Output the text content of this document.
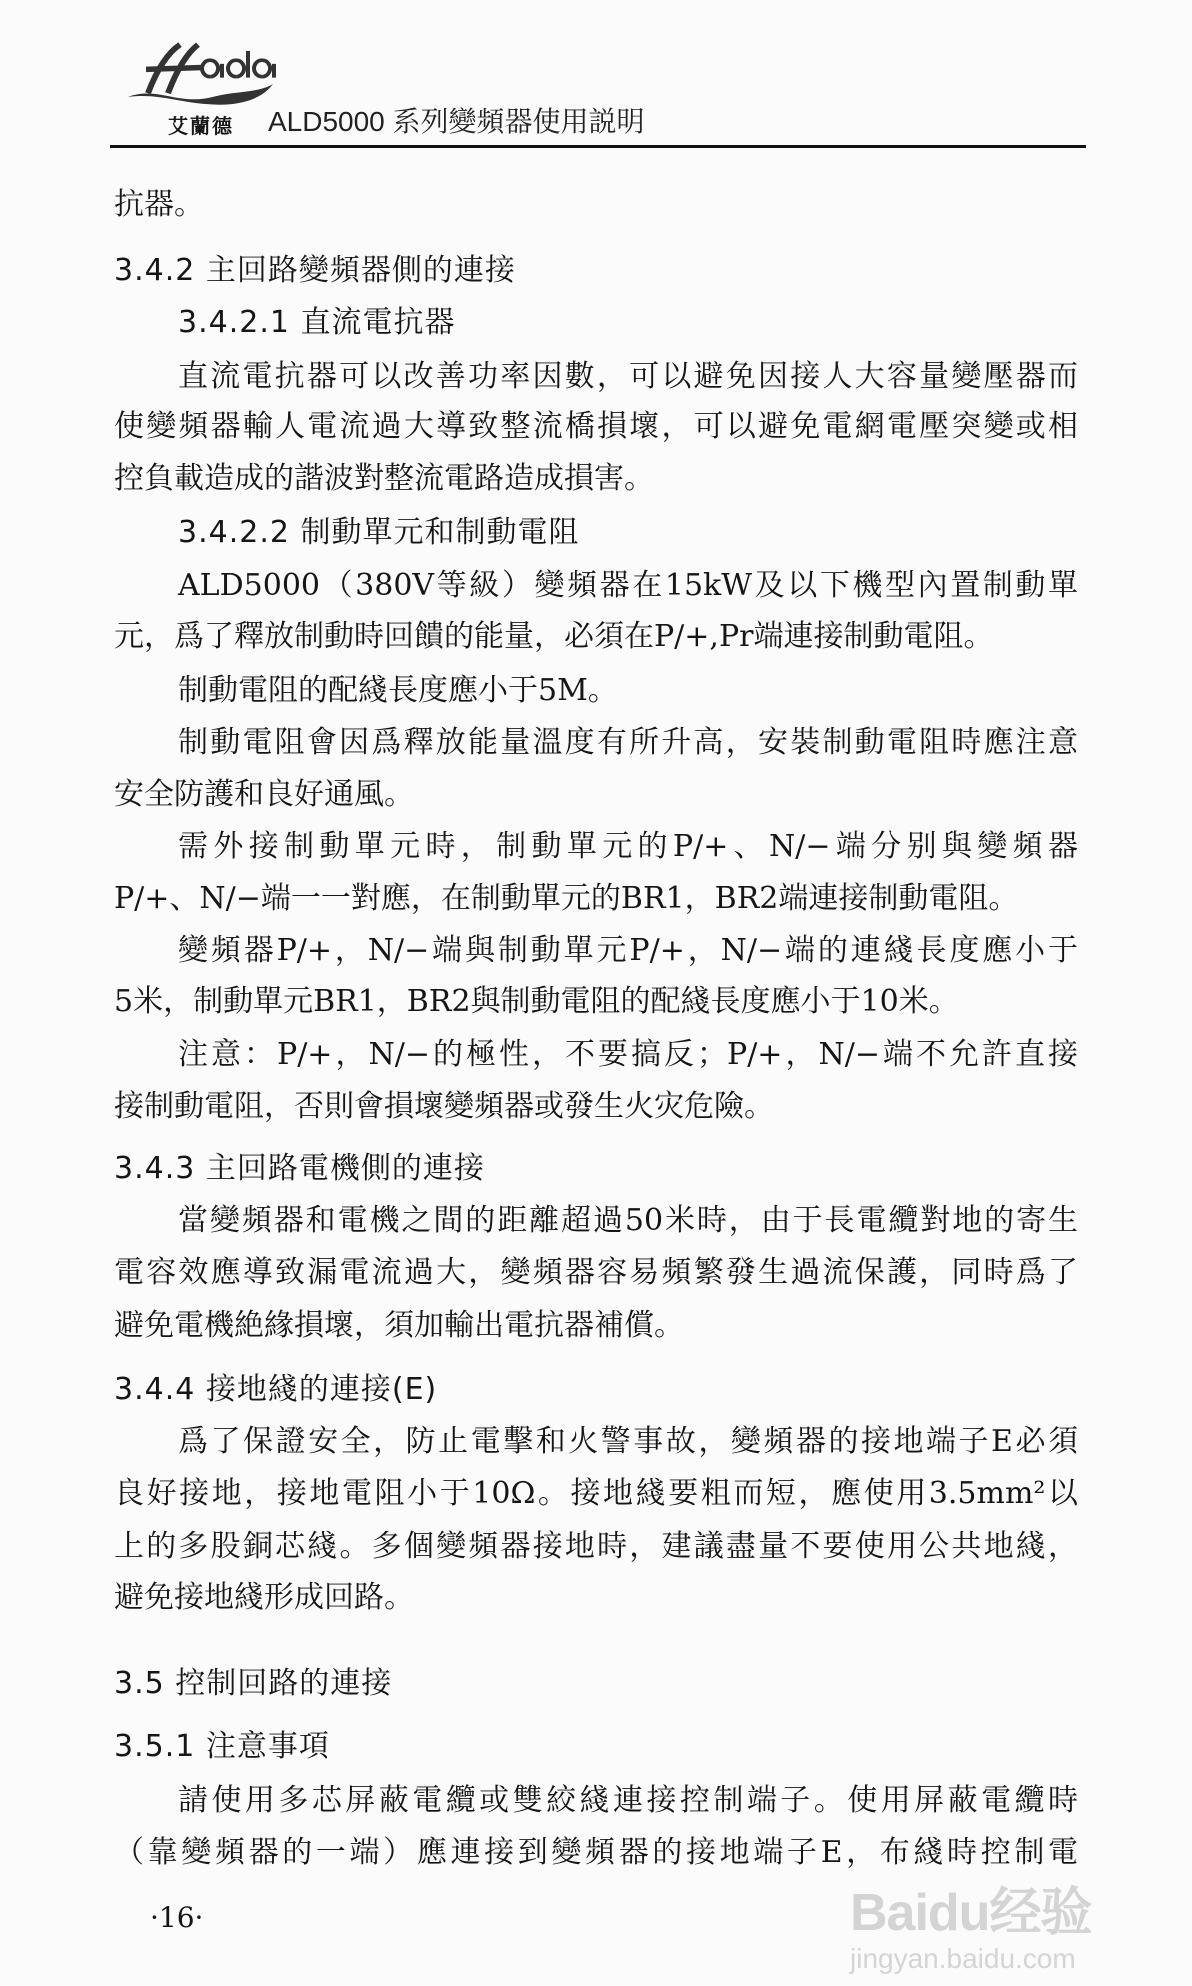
艾蘭德 ALD5000 系列變頻器使用説明
抗器。
3.4.2 主回路變頻器側的連接
3.4.2.1 直流電抗器
直流電抗器可以改善功率因數，可以避免因接人大容量變壓器而
使變頻器輸人電流過大導致整流橋損壞，可以避免電網電壓突變或相
控負載造成的諧波對整流電路造成損害。
3.4.2.2 制動單元和制動電阻
ALD5000（380V等級）變頻器在15kW及以下機型內置制動單
元，爲了釋放制動時回饋的能量，必須在P/+,Pr端連接制動電阻。
制動電阻的配綫長度應小于5M。
制動電阻會因爲釋放能量溫度有所升高，安裝制動電阻時應注意
安全防護和良好通風。
需外接制動單元時，制動單元的P/+、N/−端分别與變頻器
P/+、N/−端一一對應，在制動單元的BR1，BR2端連接制動電阻。
變頻器P/+，N/−端與制動單元P/+，N/−端的連綫長度應小于
5米，制動單元BR1，BR2與制動電阻的配綫長度應小于10米。
注意：P/+，N/−的極性，不要搞反；P/+，N/−端不允許直接
接制動電阻，否則會損壞變頻器或發生火灾危險。
3.4.3 主回路電機側的連接
當變頻器和電機之間的距離超過50米時，由于長電纜對地的寄生
電容效應導致漏電流過大，變頻器容易頻繁發生過流保護，同時爲了
避免電機絶緣損壞，須加輸出電抗器補償。
3.4.4 接地綫的連接(E)
爲了保證安全，防止電擊和火警事故，變頻器的接地端子E必須
良好接地，接地電阻小于10Ω。接地綫要粗而短，應使用3.5mm²以
上的多股銅芯綫。多個變頻器接地時，建議盡量不要使用公共地綫，
避免接地綫形成回路。
3.5 控制回路的連接
3.5.1 注意事項
請使用多芯屏蔽電纜或雙絞綫連接控制端子。使用屏蔽電纜時
（靠變頻器的一端）應連接到變頻器的接地端子E，布綫時控制電
·16·	Baidu经验
jingyan.baidu.com
